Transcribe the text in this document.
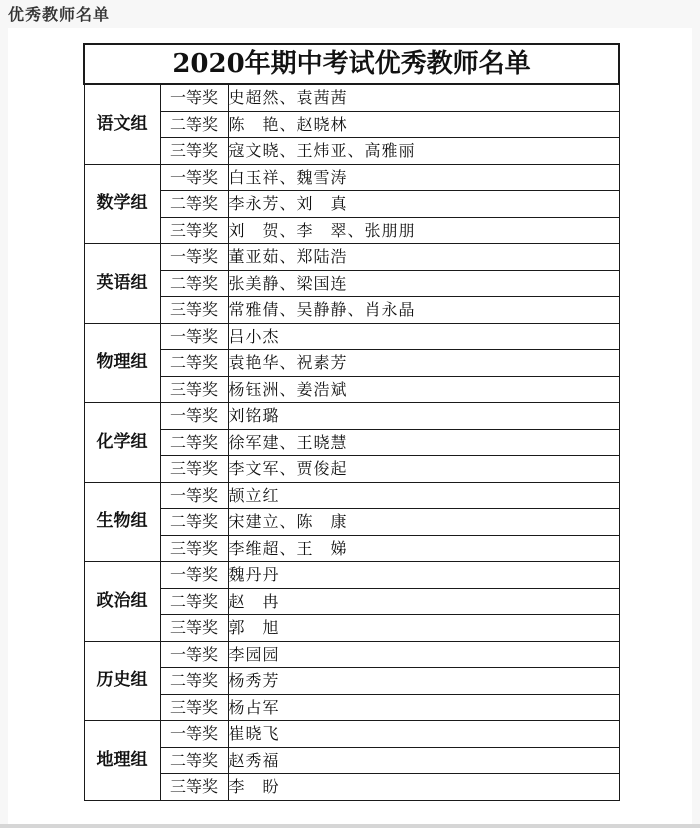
优秀教师名单
2020年期中考试优秀教师名单		
语文组	一等奖	史超然、袁茜茜
	二等奖	陈　艳、赵晓林
	三等奖	寇文晓、王炜亚、高雅丽
数学组	一等奖	白玉祥、魏雪涛
	二等奖	李永芳、刘　真
	三等奖	刘　贺、李　翠、张朋朋
英语组	一等奖	董亚茹、郑陆浩
	二等奖	张美静、梁国连
	三等奖	常雅倩、吴静静、肖永晶
物理组	一等奖	吕小杰
	二等奖	袁艳华、祝素芳
	三等奖	杨钰洲、姜浩斌
化学组	一等奖	刘铭璐
	二等奖	徐军建、王晓慧
	三等奖	李文军、贾俊起
生物组	一等奖	颉立红
	二等奖	宋建立、陈　康
	三等奖	李维超、王　娣
政治组	一等奖	魏丹丹
	二等奖	赵　冉
	三等奖	郭　旭
历史组	一等奖	李园园
	二等奖	杨秀芳
	三等奖	杨占军
地理组	一等奖	崔晓飞
	二等奖	赵秀福
	三等奖	李　盼
